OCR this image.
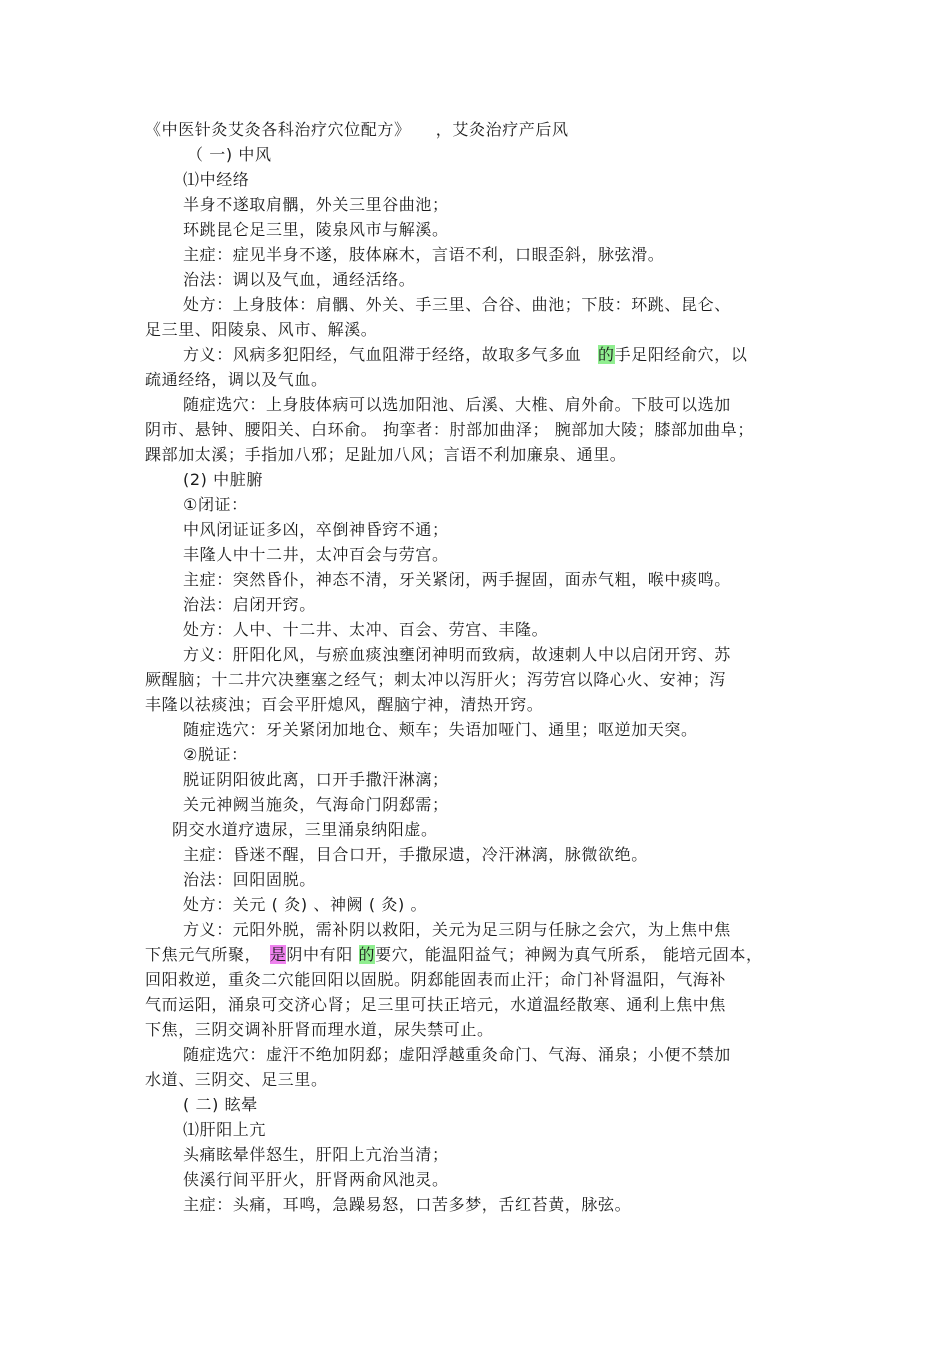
《中医针灸艾灸各科治疗穴位配方》　　，艾灸治疗产后风
（ 一) 中风
⑴中经络
半身不遂取肩髃，外关三里谷曲池；
环跳昆仑足三里，陵泉风市与解溪。
主症：症见半身不遂，肢体麻木，言语不利，口眼歪斜，脉弦滑。
治法：调以及气血，通经活络。
处方：上身肢体：肩髃、外关、手三里、合谷、曲池；下肢：环跳、昆仑、
足三里、阳陵泉、风市、解溪。
方义：风病多犯阳经，气血阻滞于经络，故取多气多血　的手足阳经俞穴，以
疏通经络，调以及气血。
随症选穴：上身肢体病可以选加阳池、后溪、大椎、肩外俞。下肢可以选加
阴市、悬钟、腰阳关、白环俞。 拘挛者：肘部加曲泽； 腕部加大陵；膝部加曲阜；
踝部加太溪；手指加八邪；足趾加八风；言语不利加廉泉、通里。
(2) 中脏腑
①闭证：
中风闭证证多凶，卒倒神昏窍不通；
丰隆人中十二井，太冲百会与劳宫。
主症：突然昏仆，神态不清，牙关紧闭，两手握固，面赤气粗，喉中痰鸣。
治法：启闭开窍。
处方：人中、十二井、太冲、百会、劳宫、丰隆。
方义：肝阳化风，与瘀血痰浊壅闭神明而致病，故速刺人中以启闭开窍、苏
厥醒脑；十二井穴决壅塞之经气；刺太冲以泻肝火；泻劳宫以降心火、安神；泻
丰隆以祛痰浊；百会平肝熄风，醒脑宁神，清热开窍。
随症选穴：牙关紧闭加地仓、颊车；失语加哑门、通里；呕逆加天突。
②脱证：
脱证阴阳彼此离，口开手撒汗淋漓；
关元神阙当施灸，气海命门阴郄需；
阴交水道疗遗尿，三里涌泉纳阳虚。
主症：昏迷不醒，目合口开，手撒尿遗，冷汗淋漓，脉微欲绝。
治法：回阳固脱。
处方：关元 ( 灸) 、神阙 ( 灸) 。
方义：元阳外脱，需补阴以救阳，关元为足三阴与任脉之会穴，为上焦中焦
下焦元气所聚，　是阴中有阳 的要穴，能温阳益气；神阙为真气所系， 能培元固本，
回阳救逆，重灸二穴能回阳以固脱。阴郄能固表而止汗；命门补肾温阳，气海补
气而运阳，涌泉可交济心肾；足三里可扶正培元，水道温经散寒、通利上焦中焦
下焦，三阴交调补肝肾而理水道，尿失禁可止。
随症选穴：虚汗不绝加阴郄；虚阳浮越重灸命门、气海、涌泉；小便不禁加
水道、三阴交、足三里。
( 二) 眩晕
⑴肝阳上亢
头痛眩晕伴怒生，肝阳上亢治当清；
侠溪行间平肝火，肝肾两俞风池灵。
主症：头痛，耳鸣，急躁易怒，口苦多梦，舌红苔黄，脉弦。
